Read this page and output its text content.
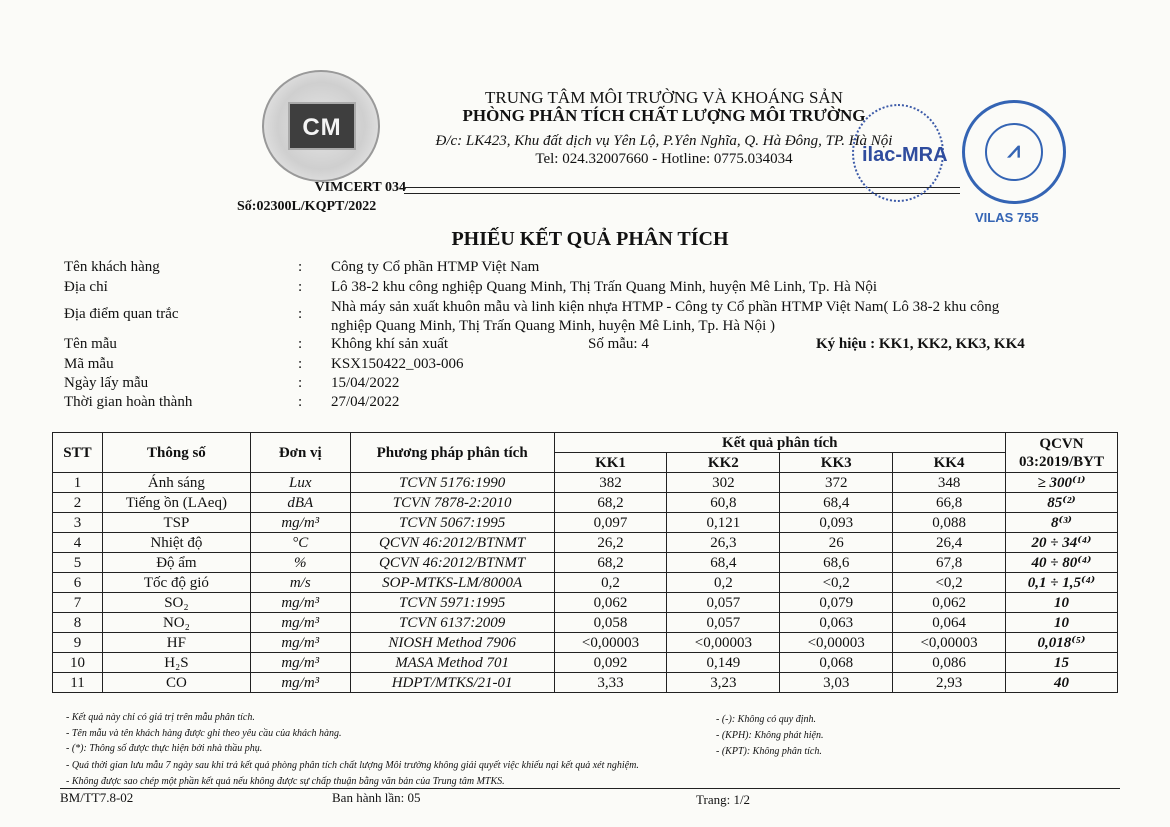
CM
VIMCERT 034
Số:02300L/KQPT/2022
TRUNG TÂM MÔI TRƯỜNG VÀ KHOÁNG SẢN
PHÒNG PHÂN TÍCH CHẤT LƯỢNG MÔI TRƯỜNG
Đ/c: LK423, Khu đất dịch vụ Yên Lộ, P.Yên Nghĩa, Q. Hà Đông, TP. Hà Nội
Tel: 024.32007660 - Hotline: 0775.034034	ilac-MRA	⩘
VILAS 755
PHIẾU KẾT QUẢ PHÂN TÍCH
Tên khách hàng	: Công ty Cổ phần HTMP Việt Nam
Địa chỉ	: Lô 38-2 khu công nghiệp Quang Minh, Thị Trấn Quang Minh, huyện Mê Linh, Tp. Hà Nội
Địa điểm quan trắc	: Nhà máy sản xuất khuôn mẫu và linh kiện nhựa HTMP - Công ty Cổ phần HTMP Việt Nam( Lô 38-2 khu công
nghiệp Quang Minh, Thị Trấn Quang Minh, huyện Mê Linh, Tp. Hà Nội )
Tên mẫu	: Không khí sản xuất	Số mẫu: 4	Ký hiệu : KK1, KK2, KK3, KK4
Mã mẫu	: KSX150422_003-006
Ngày lấy mẫu	: 15/04/2022
Thời gian hoàn thành	: 27/04/2022
STT	Thông số	Đơn vị	Phương pháp phân tích	Kết quả phân tích				QCVN
03:2019/BYT

				KK1	KK2	KK3	KK4	
1	Ánh sáng	Lux	TCVN 5176:1990	382	302	372	348	≥ 300⁽¹⁾
2	Tiếng ồn (LAeq)	dBA	TCVN 7878-2:2010	68,2	60,8	68,4	66,8	85⁽²⁾
3	TSP	mg/m³	TCVN 5067:1995	0,097	0,121	0,093	0,088	8⁽³⁾
4	Nhiệt độ	°C	QCVN 46:2012/BTNMT	26,2	26,3	26	26,4	20 ÷ 34⁽⁴⁾
5	Độ ẩm	%	QCVN 46:2012/BTNMT	68,2	68,4	68,6	67,8	40 ÷ 80⁽⁴⁾
6	Tốc độ gió	m/s	SOP-MTKS-LM/8000A	0,2	0,2	<0,2	<0,2	0,1 ÷ 1,5⁽⁴⁾
7	SO₂	mg/m³	TCVN 5971:1995	0,062	0,057	0,079	0,062	10
8	NO₂	mg/m³	TCVN 6137:2009	0,058	0,057	0,063	0,064	10
9	HF	mg/m³	NIOSH Method 7906	<0,00003	<0,00003	<0,00003	<0,00003	0,018⁽⁵⁾
10	H₂S	mg/m³	MASA Method 701	0,092	0,149	0,068	0,086	15
11	CO	mg/m³	HDPT/MTKS/21-01	3,33	3,23	3,03	2,93	40
- Kết quả này chỉ có giá trị trên mẫu phân tích.
- Tên mẫu và tên khách hàng được ghi theo yêu cầu của khách hàng.
- (*): Thông số được thực hiện bởi nhà thầu phụ.
- Quá thời gian lưu mẫu 7 ngày sau khi trả kết quả phòng phân tích chất lượng Môi trường không giải quyết việc khiếu nại kết quả xét nghiệm.
- Không được sao chép một phần kết quả nếu không được sự chấp thuận bằng văn bản của Trung tâm MTKS.
- (-): Không có quy định.
- (KPH): Không phát hiện.
- (KPT): Không phân tích.
BM/TT7.8-02	Ban hành lần: 05	Trang: 1/2
